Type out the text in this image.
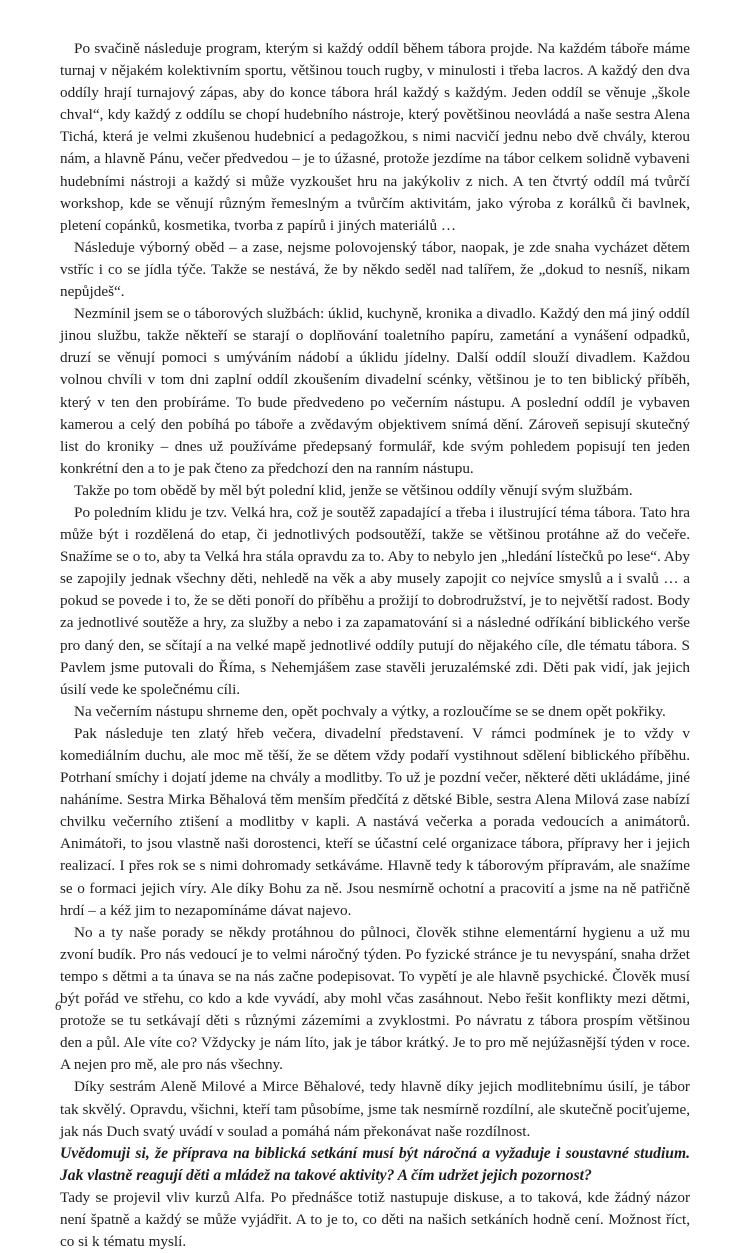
Po svačině následuje program, kterým si každý oddíl během tábora projde. Na každém táboře máme turnaj v nějakém kolektivním sportu, většinou touch rugby, v minulosti i třeba lacros. A každý den dva oddíly hrají turnajový zápas, aby do konce tábora hrál každý s každým. Jeden oddíl se věnuje „škole chval“, kdy každý z oddílu se chopí hudebního nástroje, který povětšinou neovládá a naše sestra Alena Tichá, která je velmi zkušenou hudebnicí a pedagožkou, s nimi nacvičí jednu nebo dvě chvály, kterou nám, a hlavně Pánu, večer předvedou – je to úžasné, protože jezdíme na tábor celkem solidně vybaveni hudebními nástroji a každý si může vyzkoušet hru na jakýkoliv z nich. A ten čtvrtý oddíl má tvůrčí workshop, kde se věnují různým řemeslným a tvůrčím aktivitám, jako výroba z korálků či bavlnek, pletení copánků, kosmetika, tvorba z papírů i jiných materiálů …

Následuje výborný oběd – a zase, nejsme polovojenský tábor, naopak, je zde snaha vycházet dětem vstříc i co se jídla týče. Takže se nestává, že by někdo seděl nad talířem, že „dokud to nesníš, nikam nepůjdeš“.

Nezmínil jsem se o táborových službách: úklid, kuchyně, kronika a divadlo. Každý den má jiný oddíl jinou službu, takže někteří se starají o doplňování toaletního papíru, zametání a vynášení odpadků, druzí se věnují pomoci s umýváním nádobí a úklidu jídelny. Další oddíl slouží divadlem. Každou volnou chvíli v tom dni zaplní oddíl zkoušením divadelní scénky, většinou je to ten biblický příběh, který v ten den probíráme. To bude předvedeno po večerním nástupu. A poslední oddíl je vybaven kamerou a celý den pobíhá po táboře a zvědavým objektivem snímá dění. Zároveň sepisují skutečný list do kroniky – dnes už používáme předepsaný formulář, kde svým pohledem popisují ten jeden konkrétní den a to je pak čteno za předchozí den na ranním nástupu.

Takže po tom obědě by měl být polední klid, jenže se většinou oddíly věnují svým službám.

Po poledním klidu je tzv. Velká hra, což je soutěž zapadající a třeba i ilustrující téma tábora. Tato hra může být i rozdělená do etap, či jednotlivých podsoutěží, takže se většinou protáhne až do večeře. Snažíme se o to, aby ta Velká hra stála opravdu za to. Aby to nebylo jen „hledání lístečků po lese“. Aby se zapojily jednak všechny děti, nehledě na věk a aby musely zapojit co nejvíce smyslů a i svalů … a pokud se povede i to, že se děti ponoří do příběhu a prožijí to dobrodružství, je to největší radost. Body za jednotlivé soutěže a hry, za služby a nebo i za zapamatování si a následné odříkání biblického verše pro daný den, se sčítají a na velké mapě jednotlivé oddíly putují do nějakého cíle, dle tématu tábora. S Pavlem jsme putovali do Říma, s Nehemjášem zase stavěli jeruzalémské zdi. Děti pak vidí, jak jejich úsilí vede ke společnému cíli.

Na večerním nástupu shrneme den, opět pochvaly a výtky, a rozloučíme se se dnem opět pokřiky.

Pak následuje ten zlatý hřeb večera, divadelní představení. V rámci podmínek je to vždy v komediálním duchu, ale moc mě těší, že se dětem vždy podaří vystihnout sdělení biblického příběhu. Potrhaní smíchy i dojatí jdeme na chvály a modlitby. To už je pozdní večer, některé děti ukládáme, jiné naháníme. Sestra Mirka Běhalová těm menším předčítá z dětské Bible, sestra Alena Milová zase nabízí chvilku večerního ztišení a modlitby v kapli. A nastává večerka a porada vedoucích a animátorů. Animátoři, to jsou vlastně naši dorostenci, kteří se účastní celé organizace tábora, přípravy her i jejich realizací. I přes rok se s nimi dohromady setkáváme. Hlavně tedy k táborovým přípravám, ale snažíme se o formaci jejich víry. Ale díky Bohu za ně. Jsou nesmírně ochotní a pracovití a jsme na ně patřičně hrdí – a kéž jim to nezapomínáme dávat najevo.

No a ty naše porady se někdy protáhnou do půlnoci, člověk stihne elementární hygienu a už mu zvoní budík. Pro nás vedoucí je to velmi náročný týden. Po fyzické stránce je tu nevyspání, snaha držet tempo s dětmi a ta únava se na nás začne podepisovat. To vypětí je ale hlavně psychické. Člověk musí být pořád ve střehu, co kdo a kde vyvádí, aby mohl včas zasáhnout. Nebo řešit konflikty mezi dětmi, protože se tu setkávají děti s různými zázemími a zvyklostmi. Po návratu z tábora prospím většinou den a půl. Ale víte co? Vždycky je nám líto, jak je tábor krátký. Je to pro mě nejúžasnější týden v roce. A nejen pro mě, ale pro nás všechny.

Díky sestrám Aleně Milové a Mirce Běhalové, tedy hlavně díky jejich modlitebnímu úsilí, je tábor tak skvělý. Opravdu, všichni, kteří tam působíme, jsme tak nesmírně rozdílní, ale skutečně pociťujeme, jak nás Duch svatý uvádí v soulad a pomáhá nám překonávat naše rozdílnost.

Uvědomuji si, že příprava na biblická setkání musí být náročná a vyžaduje i soustavné studium. Jak vlastně reagují děti a mládež na takové aktivity? A čím udržet jejich pozornost?

Tady se projevil vliv kurzů Alfa. Po přednášce totiž nastupuje diskuse, a to taková, kde žádný názor není špatně a každý se může vyjádřit. A to je to, co děti na našich setkáních hodně cení. Možnost říct, co si k tématu myslí.

6
